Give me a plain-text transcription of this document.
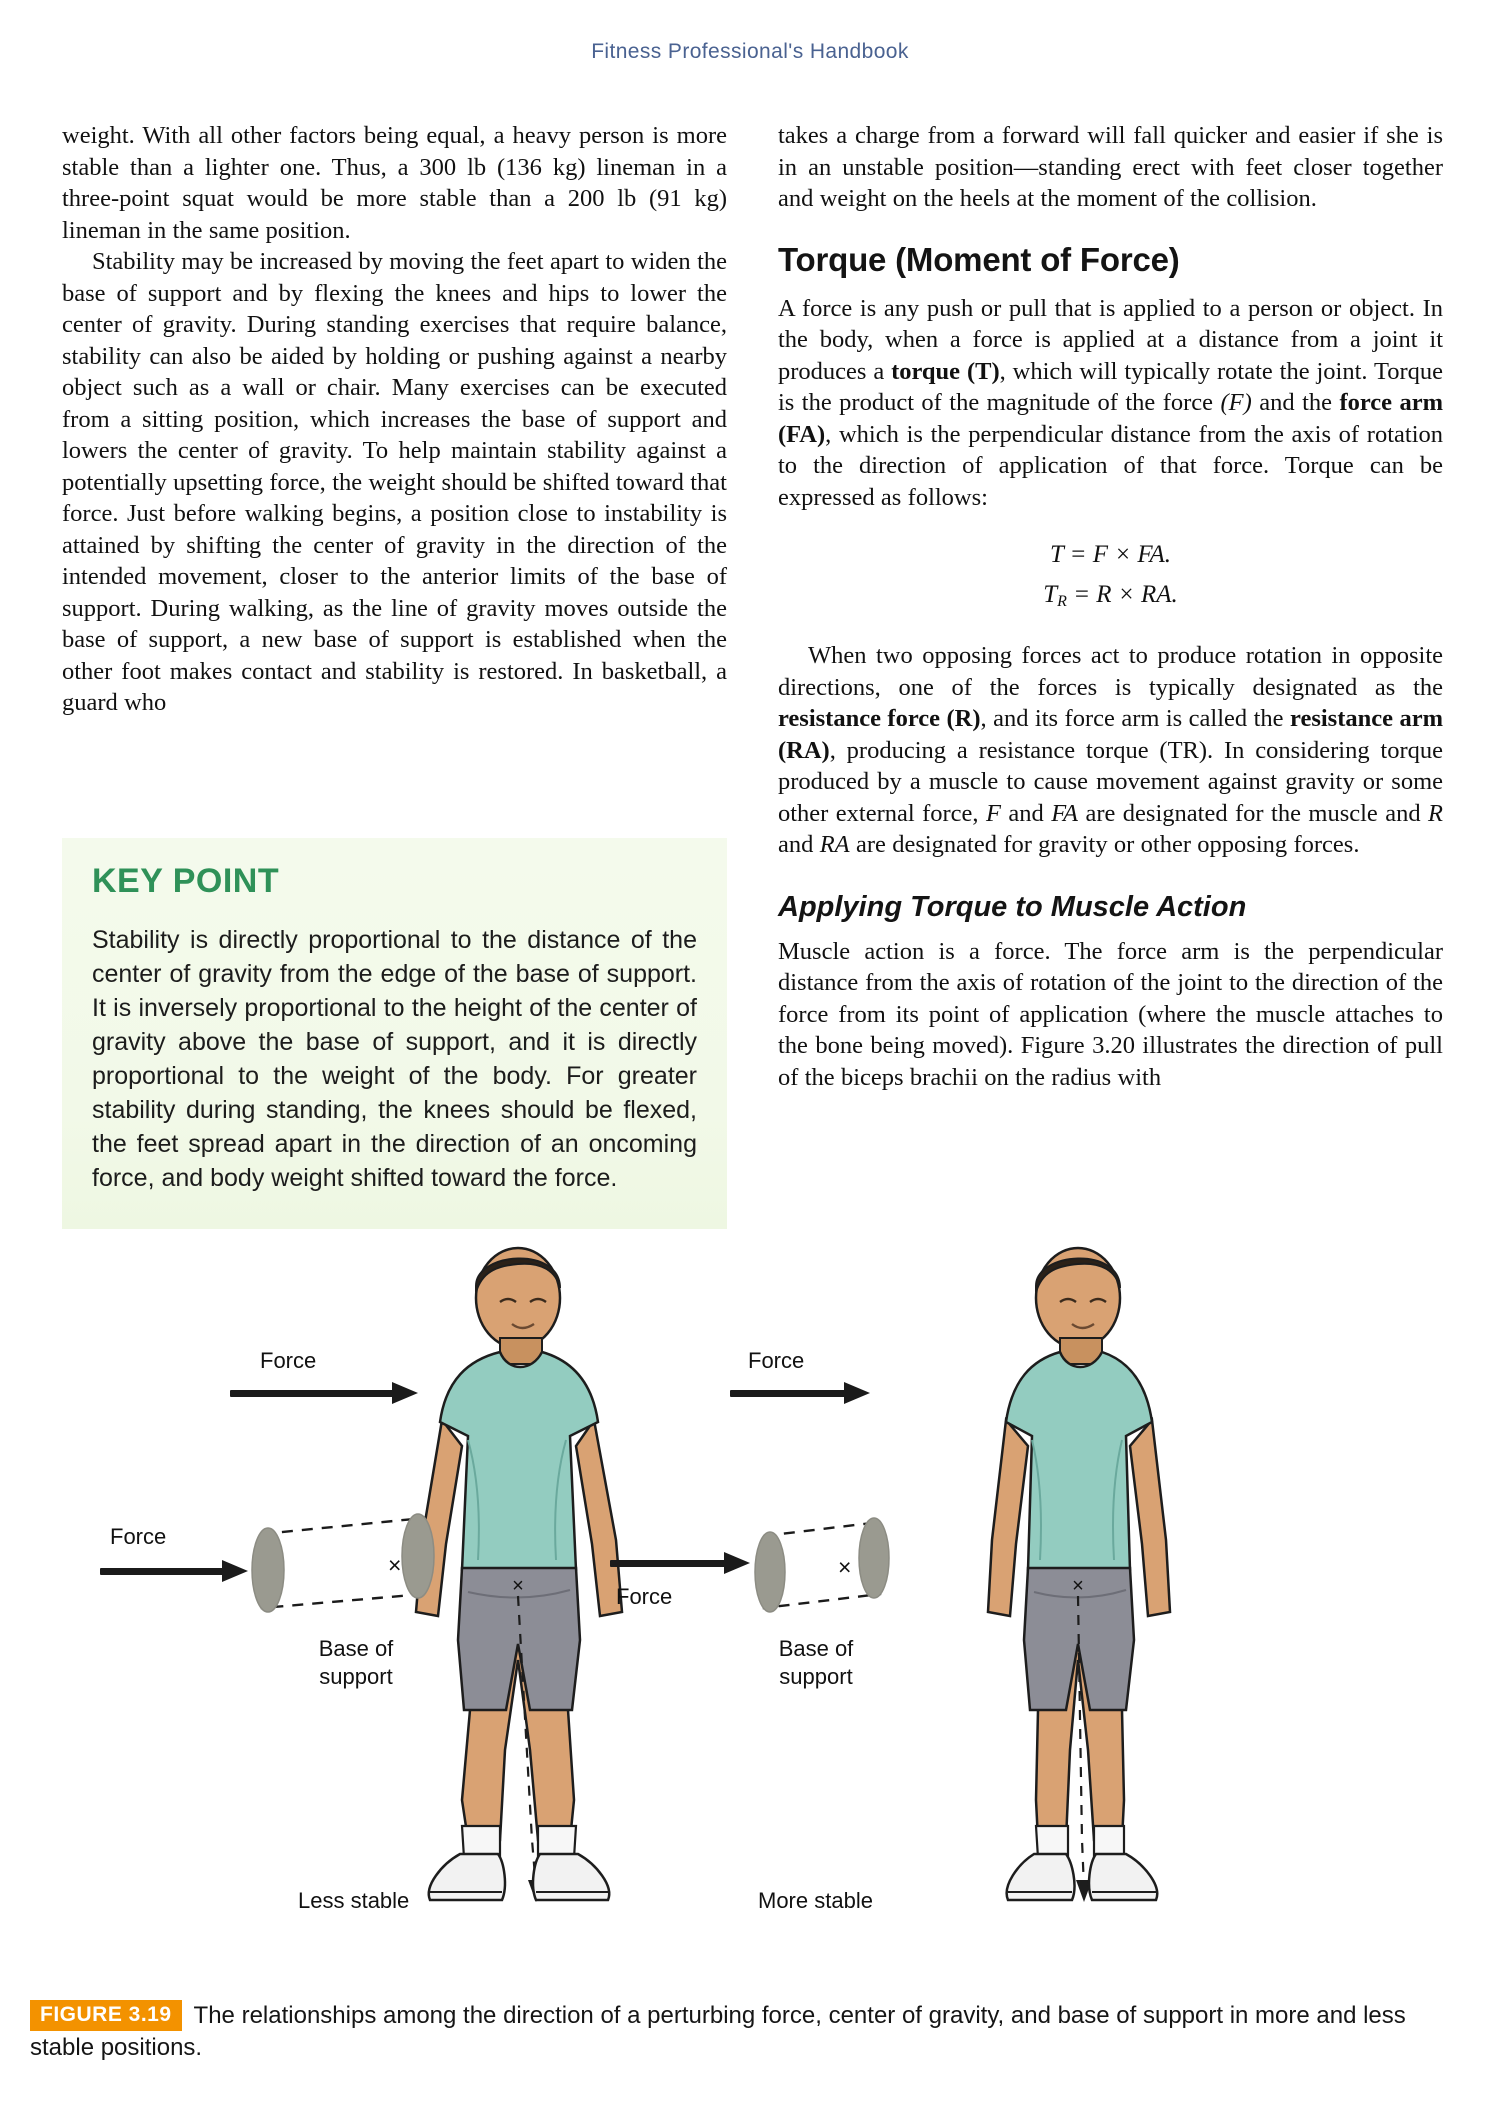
Fitness Professional's Handbook

weight. With all other factors being equal, a heavy person is more stable than a lighter one. Thus, a 300 lb (136 kg) lineman in a three-point squat would be more stable than a 200 lb (91 kg) lineman in the same position.

Stability may be increased by moving the feet apart to widen the base of support and by flexing the knees and hips to lower the center of gravity. During standing exercises that require balance, stability can also be aided by holding or pushing against a nearby object such as a wall or chair. Many exercises can be executed from a sitting position, which increases the base of support and lowers the center of gravity. To help maintain stability against a potentially upsetting force, the weight should be shifted toward that force. Just before walking begins, a position close to instability is attained by shifting the center of gravity in the direction of the intended movement, closer to the anterior limits of the base of support. During walking, as the line of gravity moves outside the base of support, a new base of support is established when the other foot makes contact and stability is restored. In basketball, a guard who

takes a charge from a forward will fall quicker and easier if she is in an unstable position—standing erect with feet closer together and weight on the heels at the moment of the collision.

Torque (Moment of Force)

A force is any push or pull that is applied to a person or object. In the body, when a force is applied at a distance from a joint it produces a torque (T), which will typically rotate the joint. Torque is the product of the magnitude of the force (F) and the force arm (FA), which is the perpendicular distance from the axis of rotation to the direction of application of that force. Torque can be expressed as follows:

T = F × FA.
$T_R = R$ × RA.

When two opposing forces act to produce rotation in opposite directions, one of the forces is typically designated as the resistance force (R), and its force arm is called the resistance arm (RA), producing a resistance torque (TR). In considering torque produced by a muscle to cause movement against gravity or some other external force, F and FA are designated for the muscle and R and RA are designated for gravity or other opposing forces.

Applying Torque to Muscle Action

Muscle action is a force. The force arm is the perpendicular distance from the axis of rotation of the joint to the direction of the force from its point of application (where the muscle attaches to the bone being moved). Figure 3.20 illustrates the direction of pull of the biceps brachii on the radius with

KEY POINT

Stability is directly proportional to the distance of the center of gravity from the edge of the base of support. It is inversely proportional to the height of the center of gravity above the base of support, and it is directly proportional to the weight of the body. For greater stability during standing, the knees should be flexed, the feet spread apart in the direction of an oncoming force, and body weight shifted toward the force.

Force
×
Force
×
Base of
support
Less stable
Force
×
Force
×
Base of
support
More stable
FIGURE 3.19 The relationships among the direction of a perturbing force, center of gravity, and base of support in more and less stable positions.
